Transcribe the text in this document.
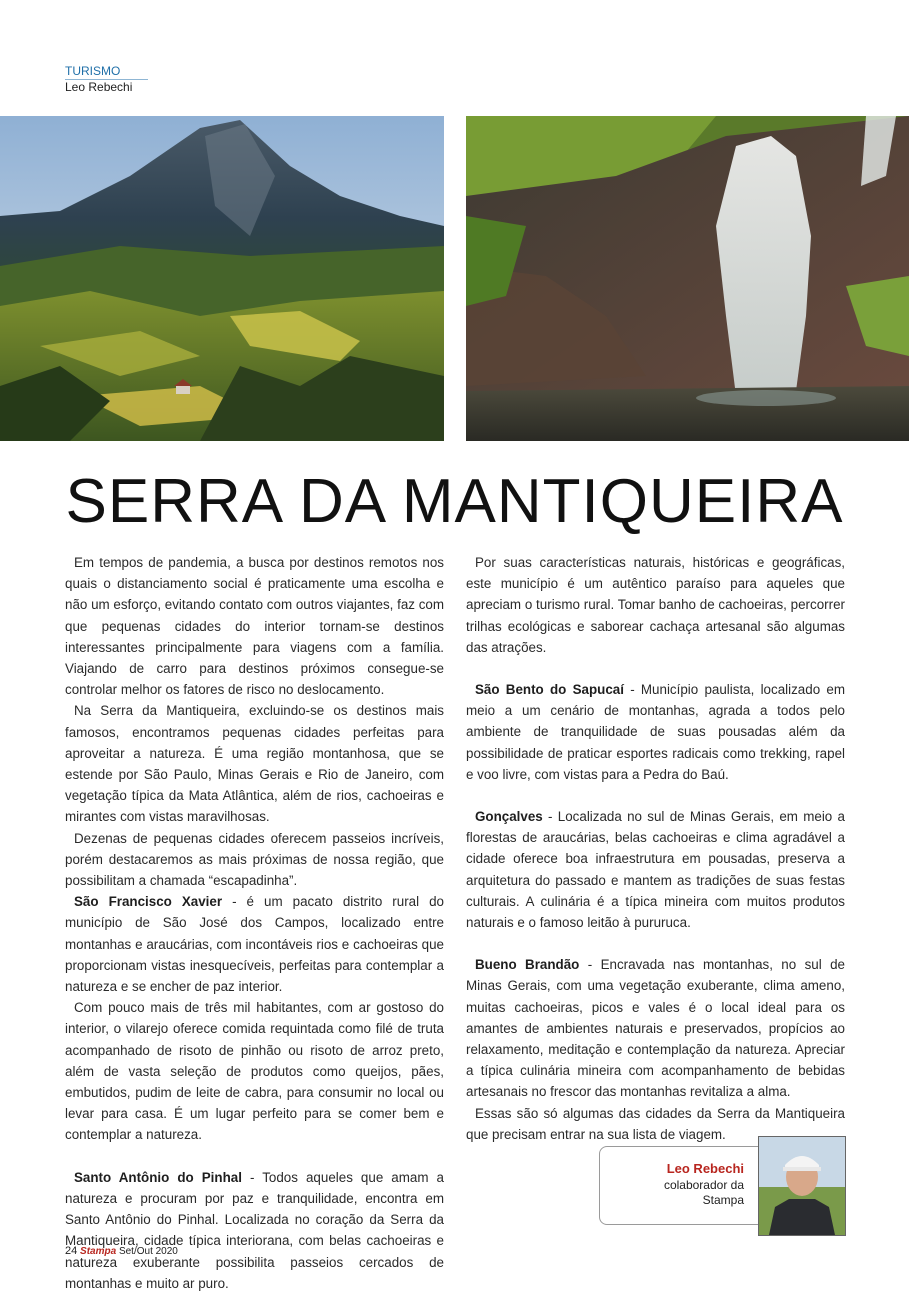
TURISMO
Leo Rebechi
SERRA DA MANTIQUEIRA

Em tempos de pandemia, a busca por destinos remotos nos quais o distanciamento social é praticamente uma escolha e não um esforço, evitando contato com outros viajantes, faz com que pequenas cidades do interior tornam-se destinos interessantes principalmente para viagens com a família. Viajando de carro para destinos próximos consegue-se controlar melhor os fatores de risco no deslocamento.

Na Serra da Mantiqueira, excluindo-se os destinos mais famosos, encontramos pequenas cidades perfeitas para aproveitar a natureza. É uma região montanhosa, que se estende por São Paulo, Minas Gerais e Rio de Janeiro, com vegetação típica da Mata Atlântica, além de rios, cachoeiras e mirantes com vistas maravilhosas.

Dezenas de pequenas cidades oferecem passeios incríveis, porém destacaremos as mais próximas de nossa região, que possibilitam a chamada “escapadinha”.

São Francisco Xavier - é um pacato distrito rural do município de São José dos Campos, localizado entre montanhas e araucárias, com incontáveis rios e cachoeiras que proporcionam vistas inesquecíveis, perfeitas para contemplar a natureza e se encher de paz interior.

Com pouco mais de três mil habitantes, com ar gostoso do interior, o vilarejo oferece comida requintada como filé de truta acompanhado de risoto de pinhão ou risoto de arroz preto, além de vasta seleção de produtos como queijos, pães, embutidos, pudim de leite de cabra, para consumir no local ou levar para casa. É um lugar perfeito para se comer bem e contemplar a natureza.

Santo Antônio do Pinhal - Todos aqueles que amam a natureza e procuram por paz e tranquilidade, encontra em Santo Antônio do Pinhal. Localizada no coração da Serra da Mantiqueira, cidade típica interiorana, com belas cachoeiras e natureza exuberante possibilita passeios cercados de montanhas e muito ar puro.

Por suas características naturais, históricas e geográficas, este município é um autêntico paraíso para aqueles que apreciam o turismo rural. Tomar banho de cachoeiras, percorrer trilhas ecológicas e saborear cachaça artesanal são algumas das atrações.

São Bento do Sapucaí - Município paulista, localizado em meio a um cenário de montanhas, agrada a todos pelo ambiente de tranquilidade de suas pousadas além da possibilidade de praticar esportes radicais como trekking, rapel e voo livre, com vistas para a Pedra do Baú.

Gonçalves - Localizada no sul de Minas Gerais, em meio a florestas de araucárias, belas cachoeiras e clima agradável a cidade oferece boa infraestrutura em pousadas, preserva a arquitetura do passado e mantem as tradições de suas festas culturais. A culinária é a típica mineira com muitos produtos naturais e o famoso leitão à pururuca.

Bueno Brandão - Encravada nas montanhas, no sul de Minas Gerais, com uma vegetação exuberante, clima ameno, muitas cachoeiras, picos e vales é o local ideal para os amantes de ambientes naturais e preservados, propícios ao relaxamento, meditação e contemplação da natureza. Apreciar a típica culinária mineira com acompanhamento de bebidas artesanais no frescor das montanhas revitaliza a alma.

Essas são só algumas das cidades da Serra da Mantiqueira que precisam entrar na sua lista de viagem.

Leo Rebechi
colaborador da Stampa
24 Stampa Set/Out 2020
